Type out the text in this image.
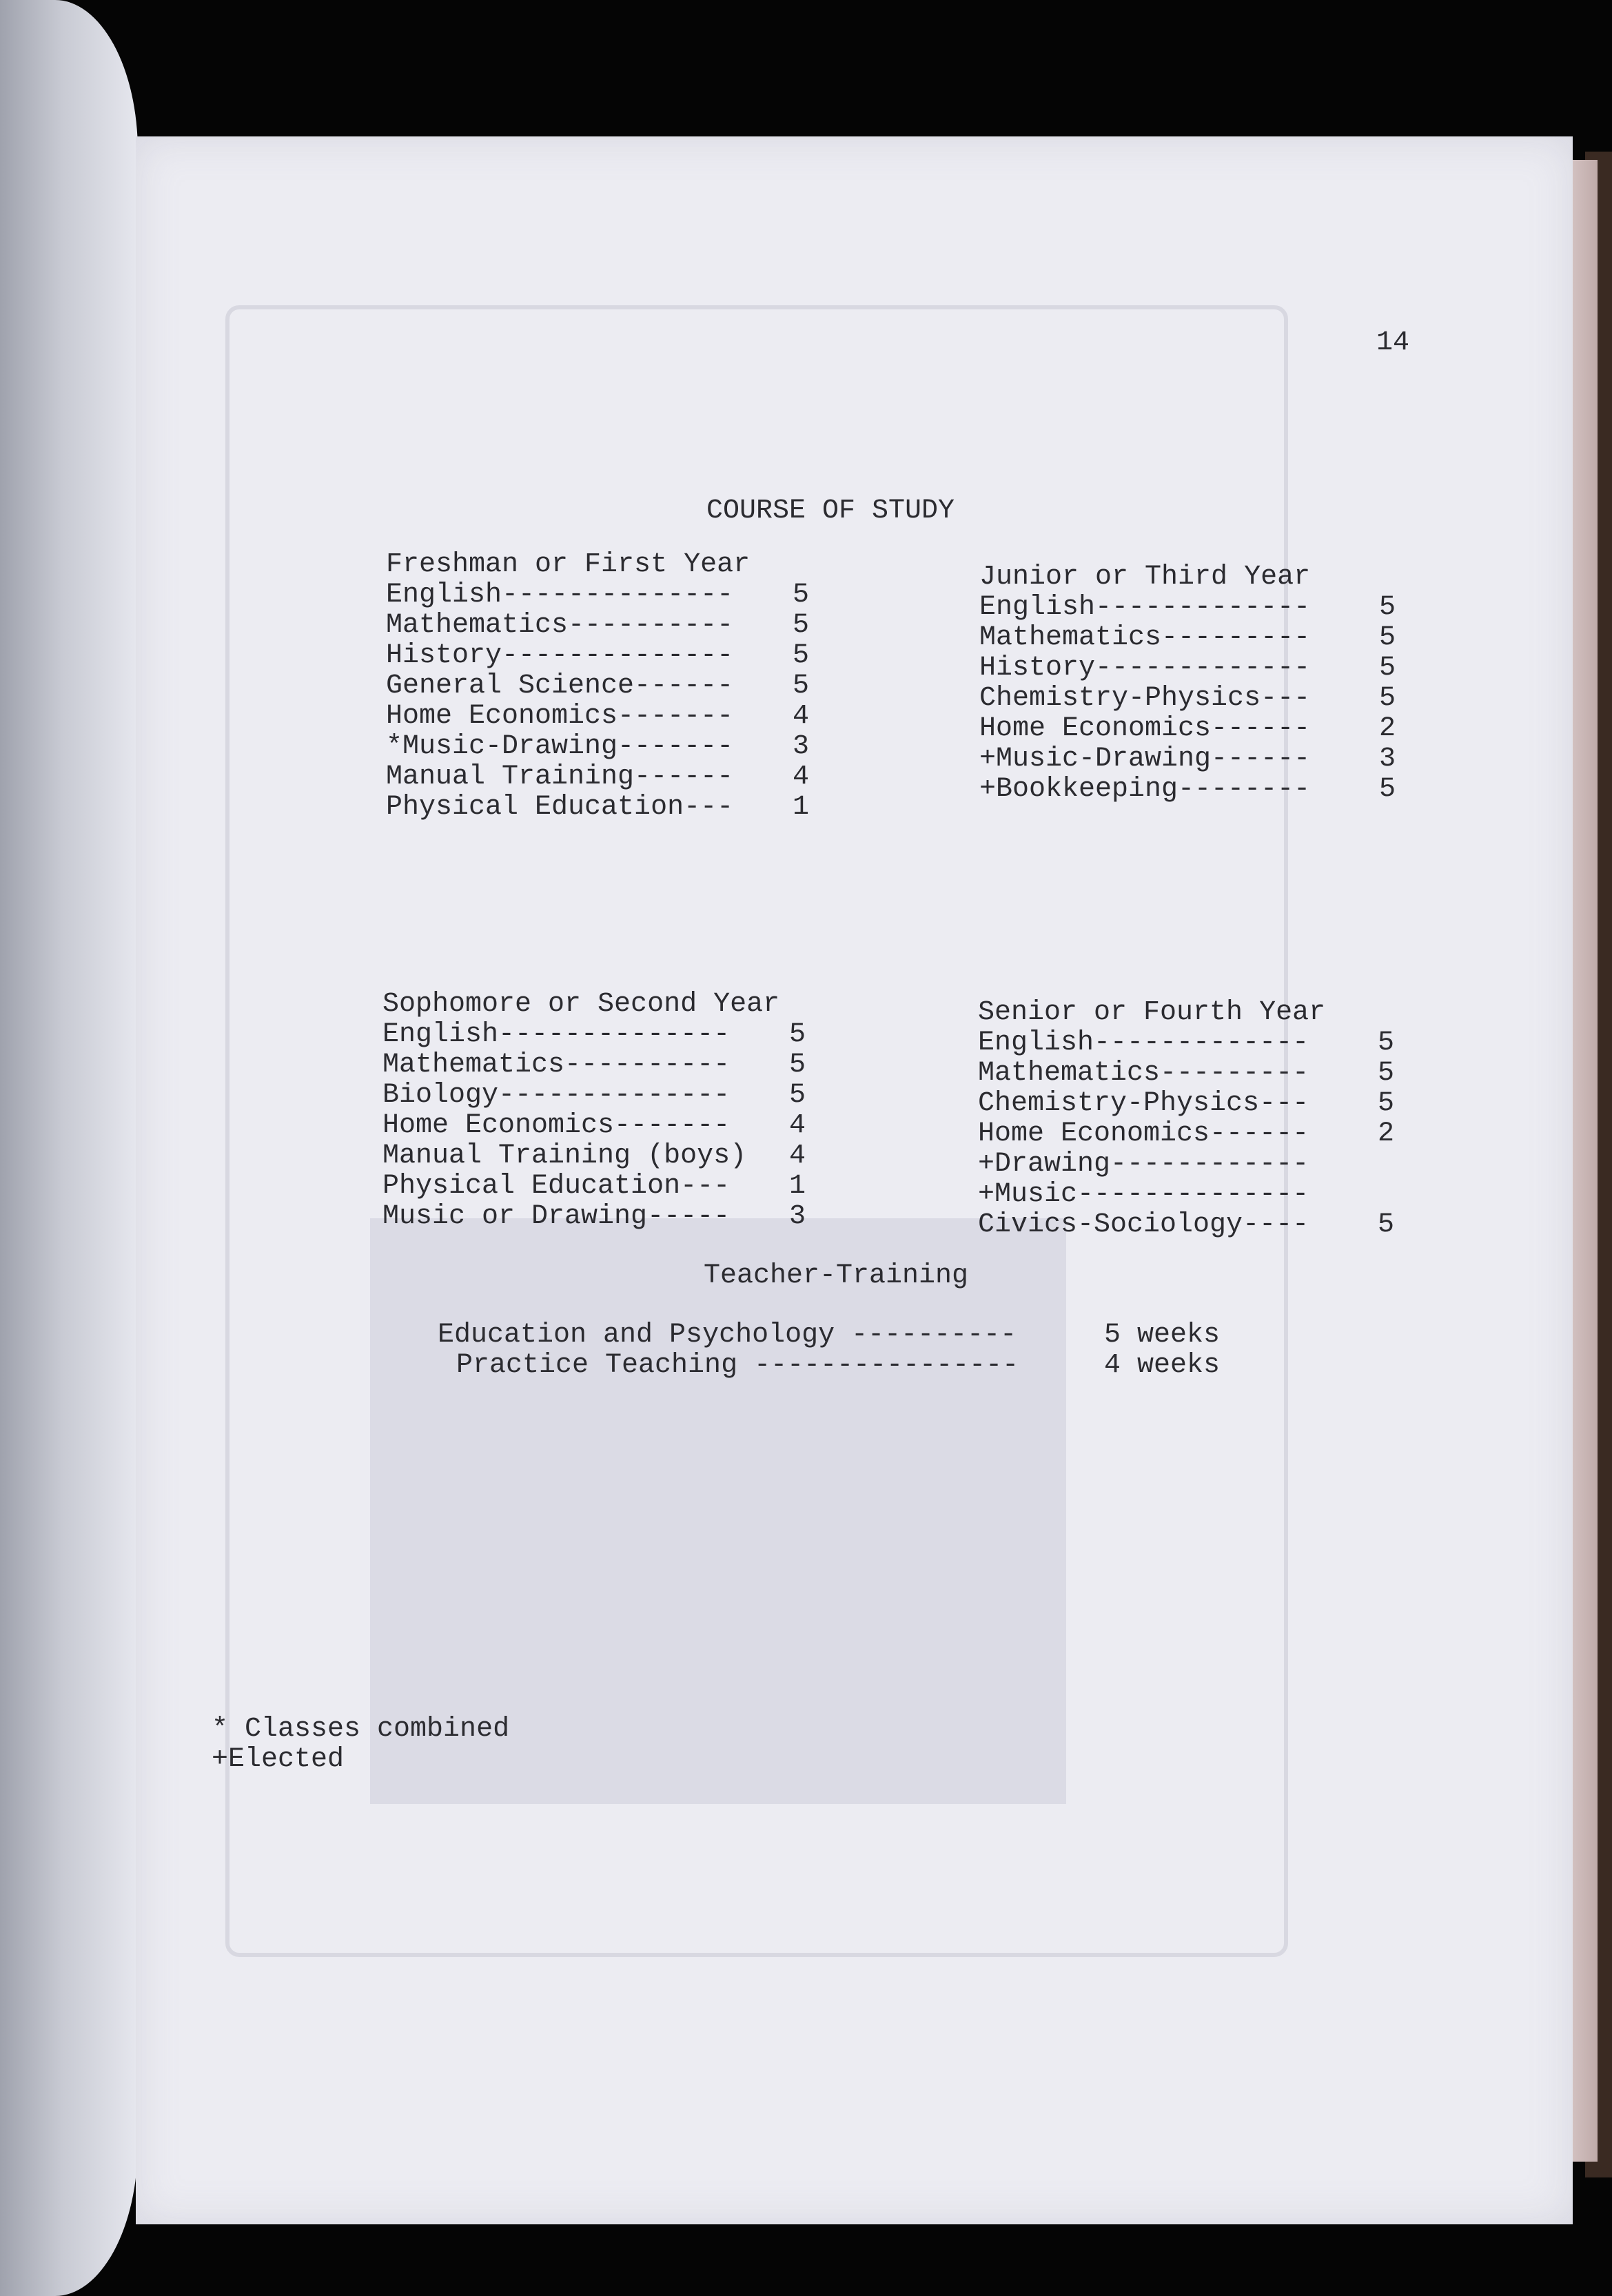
14

COURSE OF STUDY

Freshman or First Year

English-------------- 5
Mathematics---------- 5
History-------------- 5
General Science------ 5
Home Economics------- 4
*Music-Drawing------- 3
Manual Training------ 4
Physical Education--- 1

Sophomore or Second Year

English-------------- 5
Mathematics---------- 5
Biology-------------- 5
Home Economics------- 4
Manual Training (boys) 4
Physical Education--- 1
Music or Drawing----- 3

Junior or Third Year

English------------- 5
Mathematics--------- 5
History------------- 5
Chemistry-Physics--- 5
Home Economics------ 2
+Music-Drawing------ 3
+Bookkeeping-------- 5

Senior or Fourth Year

English------------- 5
Mathematics--------- 5
Chemistry-Physics--- 5
Home Economics------ 2
+Drawing------------
+Music--------------
Civics-Sociology---- 5

Teacher-Training

Education and Psychology ----------	5 weeks
Practice Teaching ----------------	4 weeks

* Classes combined

+Elected
